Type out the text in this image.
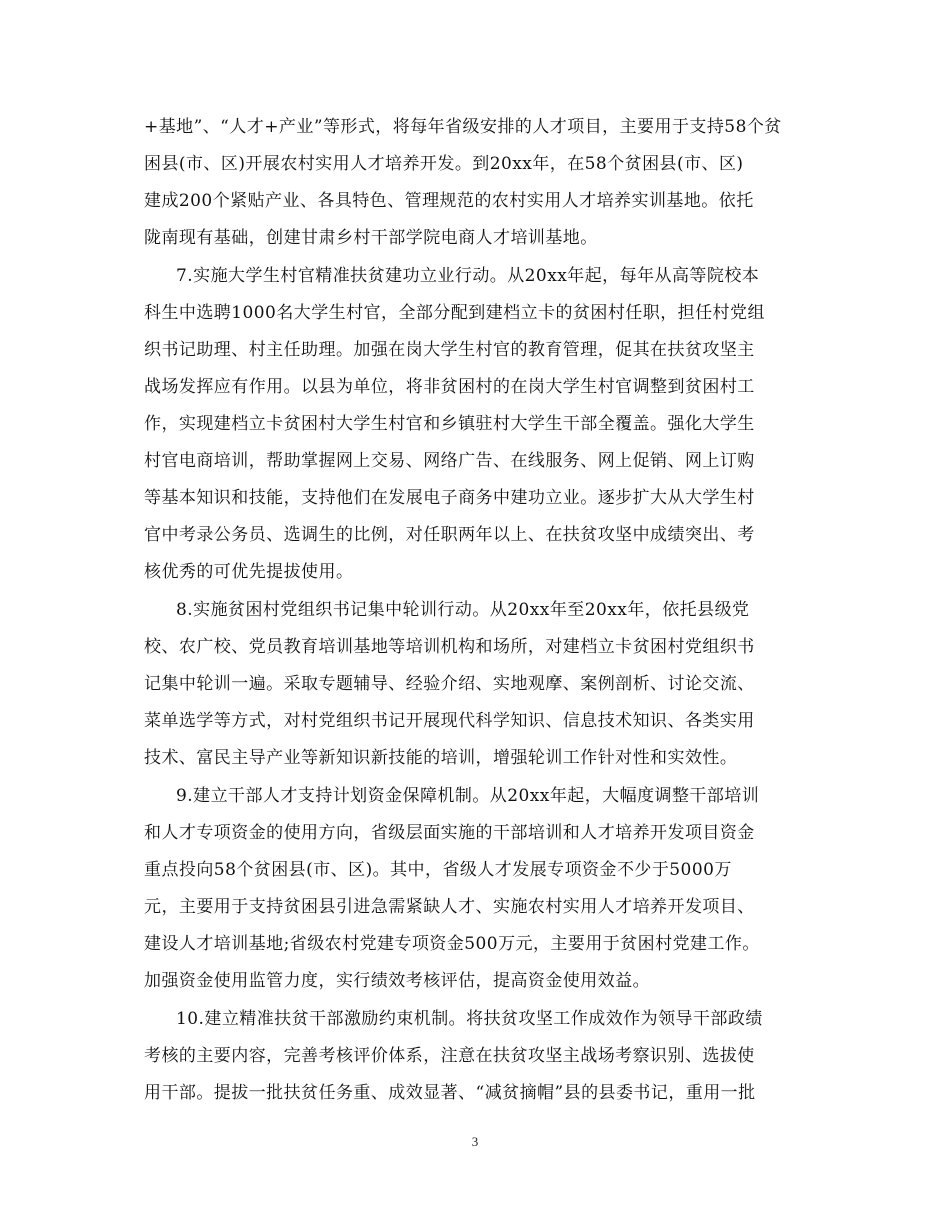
+基地”、“人才+产业”等形式，将每年省级安排的人才项目，主要用于支持58个贫
困县(市、区)开展农村实用人才培养开发。到20xx年，在58个贫困县(市、区)
建成200个紧贴产业、各具特色、管理规范的农村实用人才培养实训基地。依托
陇南现有基础，创建甘肃乡村干部学院电商人才培训基地。
7.实施大学生村官精准扶贫建功立业行动。从20xx年起，每年从高等院校本
科生中选聘1000名大学生村官，全部分配到建档立卡的贫困村任职，担任村党组
织书记助理、村主任助理。加强在岗大学生村官的教育管理，促其在扶贫攻坚主
战场发挥应有作用。以县为单位，将非贫困村的在岗大学生村官调整到贫困村工
作，实现建档立卡贫困村大学生村官和乡镇驻村大学生干部全覆盖。强化大学生
村官电商培训，帮助掌握网上交易、网络广告、在线服务、网上促销、网上订购
等基本知识和技能，支持他们在发展电子商务中建功立业。逐步扩大从大学生村
官中考录公务员、选调生的比例，对任职两年以上、在扶贫攻坚中成绩突出、考
核优秀的可优先提拔使用。
8.实施贫困村党组织书记集中轮训行动。从20xx年至20xx年，依托县级党
校、农广校、党员教育培训基地等培训机构和场所，对建档立卡贫困村党组织书
记集中轮训一遍。采取专题辅导、经验介绍、实地观摩、案例剖析、讨论交流、
菜单选学等方式，对村党组织书记开展现代科学知识、信息技术知识、各类实用
技术、富民主导产业等新知识新技能的培训，增强轮训工作针对性和实效性。
9.建立干部人才支持计划资金保障机制。从20xx年起，大幅度调整干部培训
和人才专项资金的使用方向，省级层面实施的干部培训和人才培养开发项目资金
重点投向58个贫困县(市、区)。其中，省级人才发展专项资金不少于5000万
元，主要用于支持贫困县引进急需紧缺人才、实施农村实用人才培养开发项目、
建设人才培训基地;省级农村党建专项资金500万元，主要用于贫困村党建工作。
加强资金使用监管力度，实行绩效考核评估，提高资金使用效益。
10.建立精准扶贫干部激励约束机制。将扶贫攻坚工作成效作为领导干部政绩
考核的主要内容，完善考核评价体系，注意在扶贫攻坚主战场考察识别、选拔使
用干部。提拔一批扶贫任务重、成效显著、“减贫摘帽”县的县委书记，重用一批
3
